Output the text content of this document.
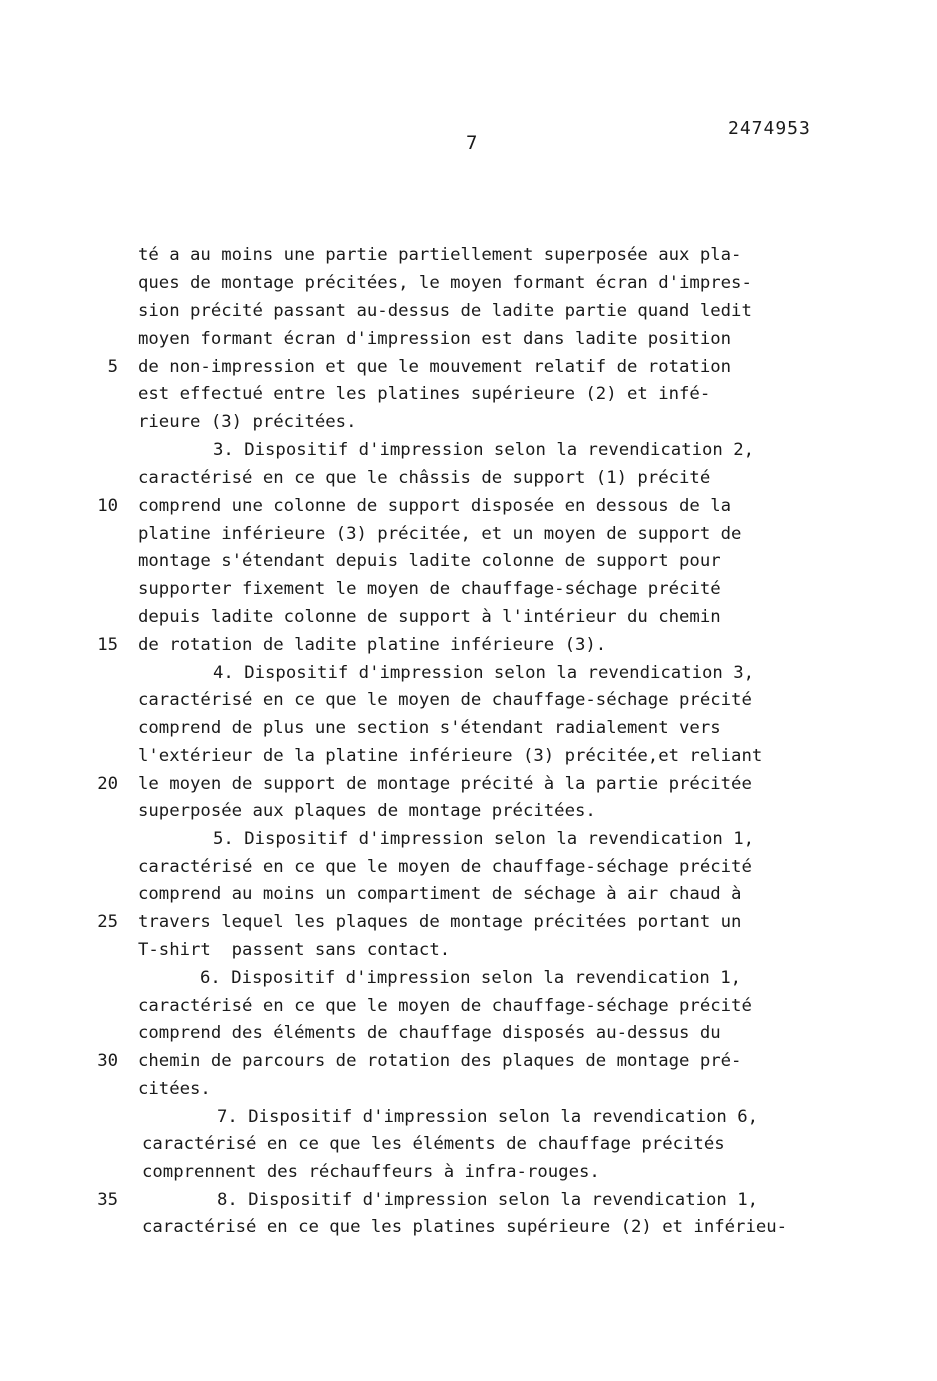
7
2474953
té a au moins une partie partiellement superposée aux pla-
ques de montage précitées, le moyen formant écran d'impres-
sion précité passant au-dessus de ladite partie quand ledit
moyen formant écran d'impression est dans ladite position
5 de non-impression et que le mouvement relatif de rotation
est effectué entre les platines supérieure (2) et infé-
rieure (3) précitées.
3. Dispositif d'impression selon la revendication 2,
caractérisé en ce que le châssis de support (1) précité
10 comprend une colonne de support disposée en dessous de la
platine inférieure (3) précitée, et un moyen de support de
montage s'étendant depuis ladite colonne de support pour
supporter fixement le moyen de chauffage-séchage précité
depuis ladite colonne de support à l'intérieur du chemin
15 de rotation de ladite platine inférieure (3).
4. Dispositif d'impression selon la revendication 3,
caractérisé en ce que le moyen de chauffage-séchage précité
comprend de plus une section s'étendant radialement vers
l'extérieur de la platine inférieure (3) précitée,et reliant
20 le moyen de support de montage précité à la partie précitée
superposée aux plaques de montage précitées.
5. Dispositif d'impression selon la revendication 1,
caractérisé en ce que le moyen de chauffage-séchage précité
comprend au moins un compartiment de séchage à air chaud à
25 travers lequel les plaques de montage précitées portant un
T-shirt  passent sans contact.
6. Dispositif d'impression selon la revendication 1,
caractérisé en ce que le moyen de chauffage-séchage précité
comprend des éléments de chauffage disposés au-dessus du
30 chemin de parcours de rotation des plaques de montage pré-
citées.
7. Dispositif d'impression selon la revendication 6,
caractérisé en ce que les éléments de chauffage précités
comprennent des réchauffeurs à infra-rouges.
35	8. Dispositif d'impression selon la revendication 1,
caractérisé en ce que les platines supérieure (2) et inférieu-
